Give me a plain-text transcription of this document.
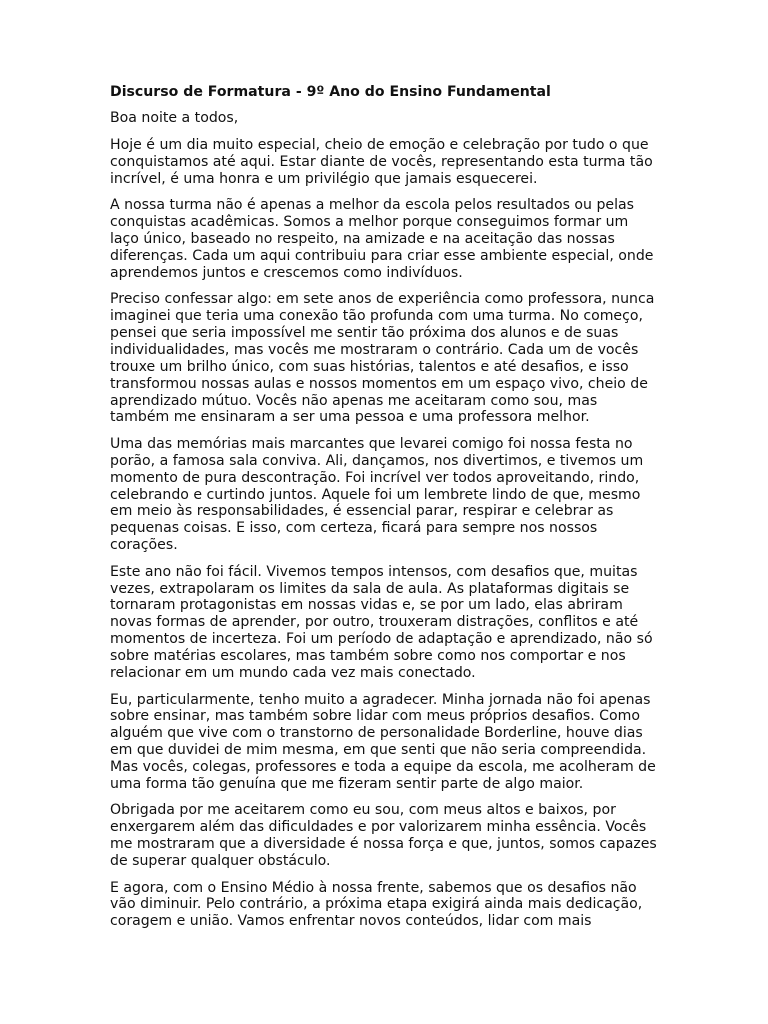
Discurso de Formatura - 9º Ano do Ensino Fundamental

Boa noite a todos,

Hoje é um dia muito especial, cheio de emoção e celebração por tudo o que conquistamos até aqui. Estar diante de vocês, representando esta turma tão incrível, é uma honra e um privilégio que jamais esquecerei.

A nossa turma não é apenas a melhor da escola pelos resultados ou pelas conquistas acadêmicas. Somos a melhor porque conseguimos formar um laço único, baseado no respeito, na amizade e na aceitação das nossas diferenças. Cada um aqui contribuiu para criar esse ambiente especial, onde aprendemos juntos e crescemos como indivíduos.

Preciso confessar algo: em sete anos de experiência como professora, nunca imaginei que teria uma conexão tão profunda com uma turma. No começo, pensei que seria impossível me sentir tão próxima dos alunos e de suas individualidades, mas vocês me mostraram o contrário. Cada um de vocês trouxe um brilho único, com suas histórias, talentos e até desafios, e isso transformou nossas aulas e nossos momentos em um espaço vivo, cheio de aprendizado mútuo. Vocês não apenas me aceitaram como sou, mas também me ensinaram a ser uma pessoa e uma professora melhor.

Uma das memórias mais marcantes que levarei comigo foi nossa festa no porão, a famosa sala conviva. Ali, dançamos, nos divertimos, e tivemos um momento de pura descontração. Foi incrível ver todos aproveitando, rindo, celebrando e curtindo juntos. Aquele foi um lembrete lindo de que, mesmo em meio às responsabilidades, é essencial parar, respirar e celebrar as pequenas coisas. E isso, com certeza, ficará para sempre nos nossos corações.

Este ano não foi fácil. Vivemos tempos intensos, com desafios que, muitas vezes, extrapolaram os limites da sala de aula. As plataformas digitais se tornaram protagonistas em nossas vidas e, se por um lado, elas abriram novas formas de aprender, por outro, trouxeram distrações, conflitos e até momentos de incerteza. Foi um período de adaptação e aprendizado, não só sobre matérias escolares, mas também sobre como nos comportar e nos relacionar em um mundo cada vez mais conectado.

Eu, particularmente, tenho muito a agradecer. Minha jornada não foi apenas sobre ensinar, mas também sobre lidar com meus próprios desafios. Como alguém que vive com o transtorno de personalidade Borderline, houve dias em que duvidei de mim mesma, em que senti que não seria compreendida. Mas vocês, colegas, professores e toda a equipe da escola, me acolheram de uma forma tão genuína que me fizeram sentir parte de algo maior.

Obrigada por me aceitarem como eu sou, com meus altos e baixos, por enxergarem além das dificuldades e por valorizarem minha essência. Vocês me mostraram que a diversidade é nossa força e que, juntos, somos capazes de superar qualquer obstáculo.

E agora, com o Ensino Médio à nossa frente, sabemos que os desafios não vão diminuir. Pelo contrário, a próxima etapa exigirá ainda mais dedicação, coragem e união. Vamos enfrentar novos conteúdos, lidar com mais
